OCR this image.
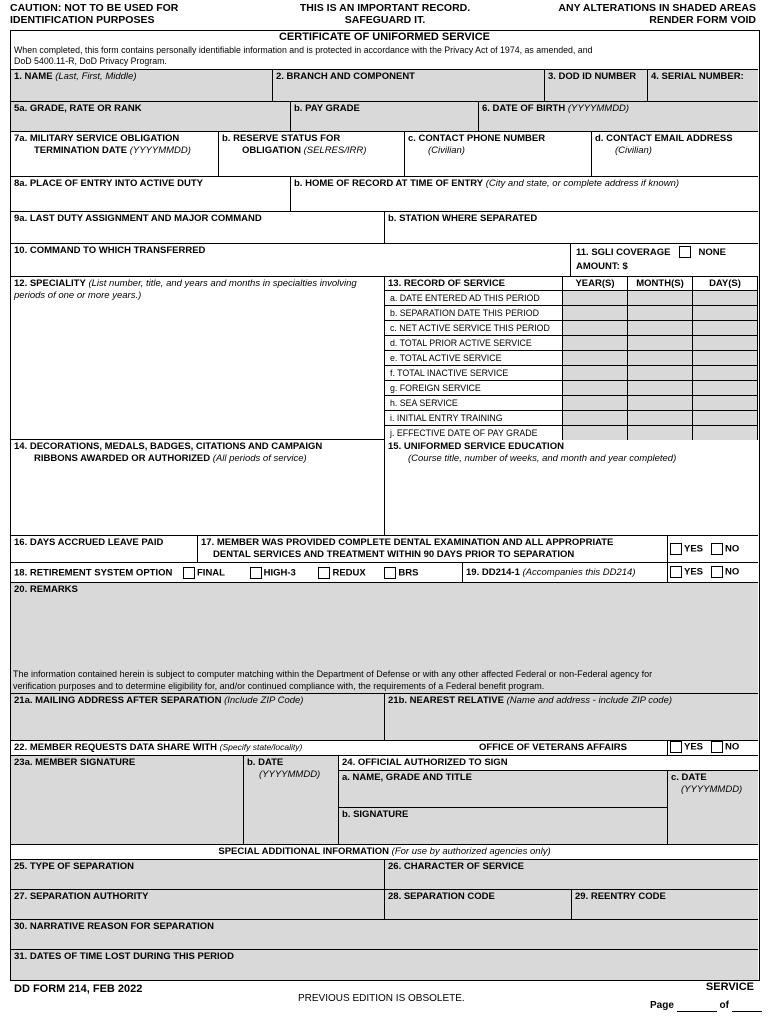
CAUTION: NOT TO BE USED FOR
IDENTIFICATION PURPOSES
THIS IS AN IMPORTANT RECORD.
SAFEGUARD IT.
ANY ALTERATIONS IN SHADED AREAS
RENDER FORM VOID
CERTIFICATE OF UNIFORMED SERVICE
When completed, this form contains personally identifiable information and is protected in accordance with the Privacy Act of 1974, as amended, and
DoD 5400.11-R, DoD Privacy Program.
1. NAME (Last, First, Middle)	2. BRANCH AND COMPONENT	3. DOD ID NUMBER	4. SERIAL NUMBER:
5a. GRADE, RATE OR RANK	b. PAY GRADE	6. DATE OF BIRTH (YYYYMMDD)
7a. MILITARY SERVICE OBLIGATION
TERMINATION DATE (YYYYMMDD)
b. RESERVE STATUS FOR
OBLIGATION (SELRES/IRR)
c. CONTACT PHONE NUMBER
(Civilian)
d. CONTACT EMAIL ADDRESS
(Civilian)
8a. PLACE OF ENTRY INTO ACTIVE DUTY	b. HOME OF RECORD AT TIME OF ENTRY (City and state, or complete address if known)
9a. LAST DUTY ASSIGNMENT AND MAJOR COMMAND	b. STATION WHERE SEPARATED
10. COMMAND TO WHICH TRANSFERRED	11. SGLI COVERAGE	NONE
AMOUNT: $
12. SPECIALITY (List number, title, and years and months in specialties involving periods of one or more years.)
13. RECORD OF SERVICE	YEAR(S)	MONTH(S)	DAY(S)
a. DATE ENTERED AD THIS PERIOD
b. SEPARATION DATE THIS PERIOD
c. NET ACTIVE SERVICE THIS PERIOD
d. TOTAL PRIOR ACTIVE SERVICE
e. TOTAL ACTIVE SERVICE
f. TOTAL INACTIVE SERVICE
g. FOREIGN SERVICE
h. SEA SERVICE
i. INITIAL ENTRY TRAINING
j. EFFECTIVE DATE OF PAY GRADE
14. DECORATIONS, MEDALS, BADGES, CITATIONS AND CAMPAIGN
RIBBONS AWARDED OR AUTHORIZED (All periods of service)
15. UNIFORMED SERVICE EDUCATION
(Course title, number of weeks, and month and year completed)
16. DAYS ACCRUED LEAVE PAID	17. MEMBER WAS PROVIDED COMPLETE DENTAL EXAMINATION AND ALL APPROPRIATE
DENTAL SERVICES AND TREATMENT WITHIN 90 DAYS PRIOR TO SEPARATION	YES NO
18. RETIREMENT SYSTEM OPTION	FINAL	HIGH-3	REDUX	BRS	19. DD214-1 (Accompanies this DD214)	YES NO
20. REMARKS
The information contained herein is subject to computer matching within the Department of Defense or with any other affected Federal or non-Federal agency for
verification purposes and to determine eligibility for, and/or continued compliance with, the requirements of a Federal benefit program.
21a. MAILING ADDRESS AFTER SEPARATION (Include ZIP Code)	21b. NEAREST RELATIVE (Name and address - include ZIP code)
22. MEMBER REQUESTS DATA SHARE WITH (Specify state/locality)	OFFICE OF VETERANS AFFAIRS	YES NO
23a. MEMBER SIGNATURE	b. DATE
(YYYYMMDD)
24. OFFICIAL AUTHORIZED TO SIGN
a. NAME, GRADE AND TITLE
b. SIGNATURE
c. DATE
(YYYYMMDD)
SPECIAL ADDITIONAL INFORMATION (For use by authorized agencies only)
25. TYPE OF SEPARATION	26. CHARACTER OF SERVICE
27. SEPARATION AUTHORITY	28. SEPARATION CODE	29. REENTRY CODE
30. NARRATIVE REASON FOR SEPARATION
31. DATES OF TIME LOST DURING THIS PERIOD
DD FORM 214, FEB 2022
PREVIOUS EDITION IS OBSOLETE.
SERVICE
Page	of
